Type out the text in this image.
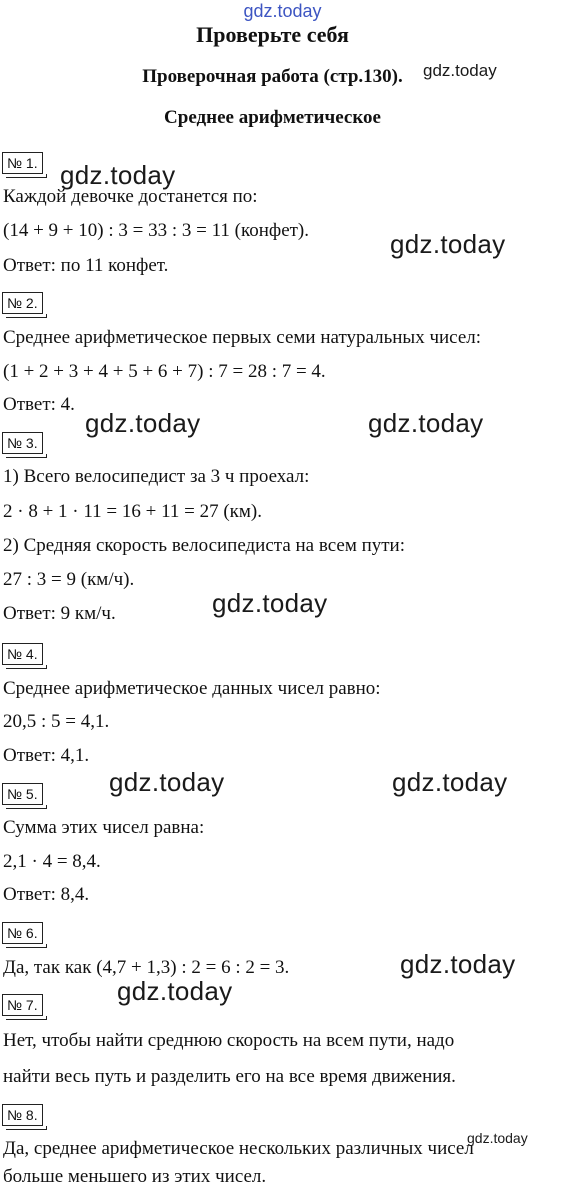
gdz.today
Проверьте себя
Проверочная работа (стр.130).
Среднее арифметическое
№ 1.
Каждой девочке достанется по:
(14 + 9 + 10) : 3 = 33 : 3 = 11 (конфет).
Ответ: по 11 конфет.
№ 2.
Среднее арифметическое первых семи натуральных чисел:
(1 + 2 + 3 + 4 + 5 + 6 + 7) : 7 = 28 : 7 = 4.
Ответ: 4.
№ 3.
1) Всего велосипедист за 3 ч проехал:
2 · 8 + 1 · 11 = 16 + 11 = 27 (км).
2) Средняя скорость велосипедиста на всем пути:
27 : 3 = 9 (км/ч).
Ответ: 9 км/ч.
№ 4.
Среднее арифметическое данных чисел равно:
20,5 : 5 = 4,1.
Ответ: 4,1.
№ 5.
Сумма этих чисел равна:
2,1 · 4 = 8,4.
Ответ: 8,4.
№ 6.
Да, так как (4,7 + 1,3) : 2 = 6 : 2 = 3.
№ 7.
Нет, чтобы найти среднюю скорость на всем пути, надо
найти весь путь и разделить его на все время движения.
№ 8.
Да, среднее арифметическое нескольких различных чисел
больше меньшего из этих чисел.
gdz.today
gdz.today
gdz.today
gdz.today	gdz.today
gdz.today
gdz.today	gdz.today
gdz.today
gdz.today
gdz.today
